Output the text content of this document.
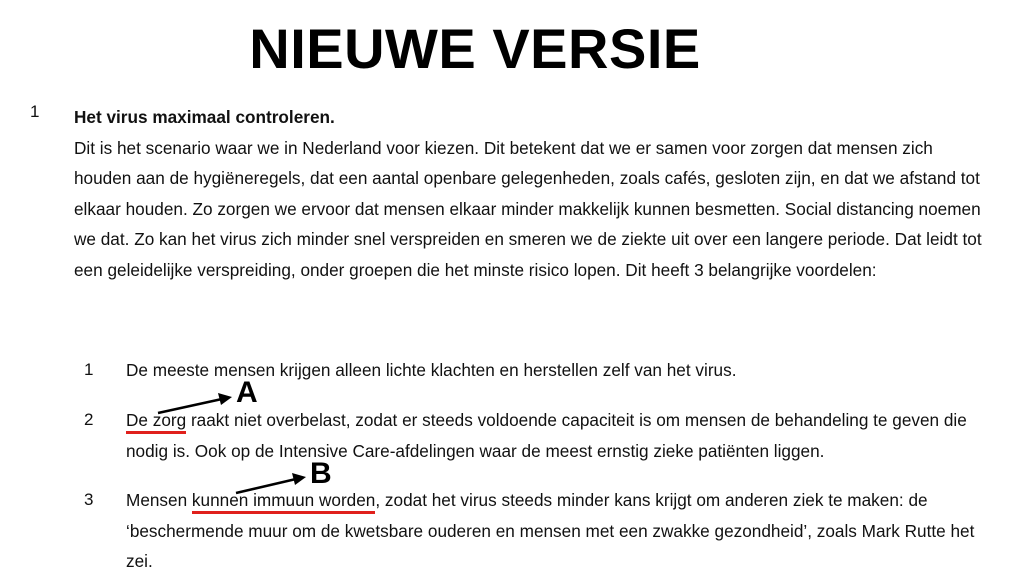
NIEUWE VERSIE
1 Het virus maximaal controleren.
Dit is het scenario waar we in Nederland voor kiezen. Dit betekent dat we er samen voor zorgen dat mensen zich houden aan de hygiëneregels, dat een aantal openbare gelegenheden, zoals cafés, gesloten zijn, en dat we afstand tot elkaar houden. Zo zorgen we ervoor dat mensen elkaar minder makkelijk kunnen besmetten. Social distancing noemen we dat. Zo kan het virus zich minder snel verspreiden en smeren we de ziekte uit over een langere periode. Dat leidt tot een geleidelijke verspreiding, onder groepen die het minste risico lopen. Dit heeft 3 belangrijke voordelen:
1 De meeste mensen krijgen alleen lichte klachten en herstellen zelf van het virus.
2 De zorg raakt niet overbelast, zodat er steeds voldoende capaciteit is om mensen de behandeling te geven die nodig is. Ook op de Intensive Care-afdelingen waar de meest ernstig zieke patiënten liggen.
3 Mensen kunnen immuun worden, zodat het virus steeds minder kans krijgt om anderen ziek te maken: de ‘beschermende muur om de kwetsbare ouderen en mensen met een zwakke gezondheid’, zoals Mark Rutte het zei.
A
B
